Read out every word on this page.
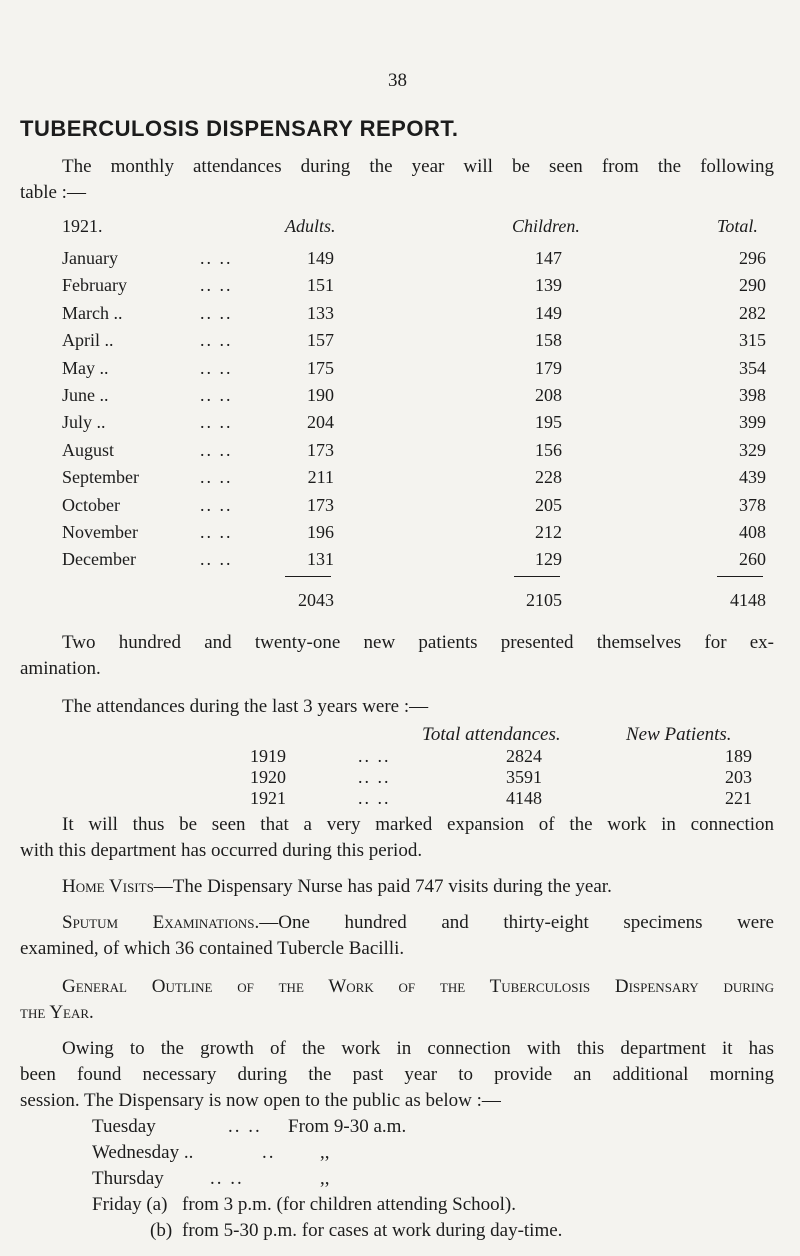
38
TUBERCULOSIS DISPENSARY REPORT.
The monthly attendances during the year will be seen from the following
table :—
1921.	Adults.	Children.	Total.
January	.. ..	149	147	296
February	.. ..	151	139	290
March ..	.. ..	133	149	282
April ..	.. ..	157	158	315
May ..	.. ..	175	179	354
June ..	.. ..	190	208	398
July ..	.. ..	204	195	399
August	.. ..	173	156	329
September	.. ..	211	228	439
October	.. ..	173	205	378
November	.. ..	196	212	408
December	.. ..	131	129	260
2043	2105	4148
Two hundred and twenty-one new patients presented themselves for ex-
amination.
The attendances during the last 3 years were :—
Total attendances.	New Patients.
1919	.. ..	2824	189
1920	.. ..	3591	203
1921	.. ..	4148	221
It will thus be seen that a very marked expansion of the work in connection
with this department has occurred during this period.
Home Visits—The Dispensary Nurse has paid 747 visits during the year.
Sputum Examinations.—One hundred and thirty-eight specimens were
examined, of which 36 contained Tubercle Bacilli.
General Outline of the Work of the Tuberculosis Dispensary during
the Year.
Owing to the growth of the work in connection with this department it has
been found necessary during the past year to provide an additional morning
session. The Dispensary is now open to the public as below :—
Tuesday	.. .. From 9-30 a.m.
Wednesday ..	.. ,,
Thursday .. ..	,,
Friday (a) from 3 p.m. (for children attending School).
(b) from 5-30 p.m. for cases at work during day-time.
